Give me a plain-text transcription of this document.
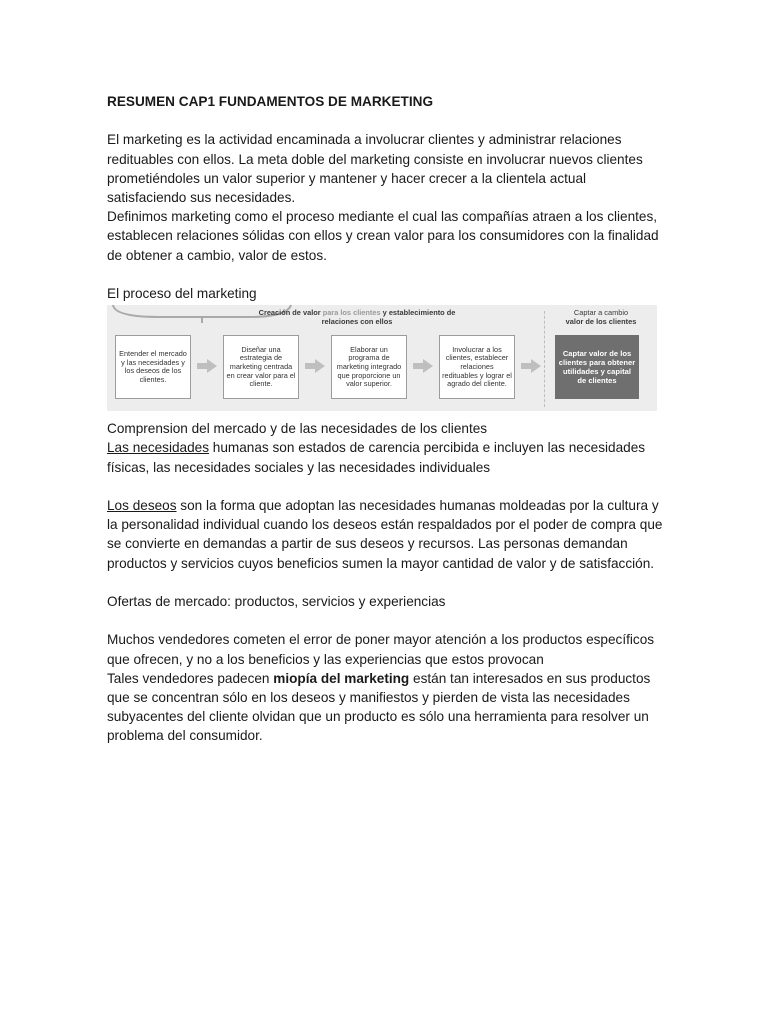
RESUMEN CAP1 FUNDAMENTOS DE MARKETING

El marketing es la actividad encaminada a involucrar clientes y administrar relaciones redituables con ellos. La meta doble del marketing consiste en involucrar nuevos clientes prometiéndoles un valor superior y mantener y hacer crecer a la clientela actual satisfaciendo sus necesidades.

Definimos marketing como el proceso mediante el cual las compañías atraen a los clientes, establecen relaciones sólidas con ellos y crean valor para los consumidores con la finalidad de obtener a cambio, valor de estos.

El proceso del marketing

Creación de valor para los clientes y establecimiento de relaciones con ellos
Captar a cambio
valor de los clientes
Entender el mercado y las necesidades y los deseos de los clientes.
Diseñar una estrategia de marketing centrada en crear valor para el cliente.
Elaborar un programa de marketing integrado que proporcione un valor superior.
Involucrar a los clientes, establecer relaciones redituables y lograr el agrado del cliente.
Captar valor de los clientes para obtener utilidades y capital de clientes

Comprension del mercado y de las necesidades de los clientes

Las necesidades humanas son estados de carencia percibida e incluyen las necesidades físicas, las necesidades sociales y las necesidades individuales

Los deseos son la forma que adoptan las necesidades humanas moldeadas por la cultura y la personalidad individual cuando los deseos están respaldados por el poder de compra que se convierte en demandas a partir de sus deseos y recursos. Las personas demandan productos y servicios cuyos beneficios sumen la mayor cantidad de valor y de satisfacción.

Ofertas de mercado: productos, servicios y experiencias

Muchos vendedores cometen el error de poner mayor atención a los productos específicos que ofrecen, y no a los beneficios y las experiencias que estos provocan

Tales vendedores padecen miopía del marketing están tan interesados en sus productos que se concentran sólo en los deseos y manifiestos y pierden de vista las necesidades subyacentes del cliente olvidan que un producto es sólo una herramienta para resolver un problema del consumidor.
